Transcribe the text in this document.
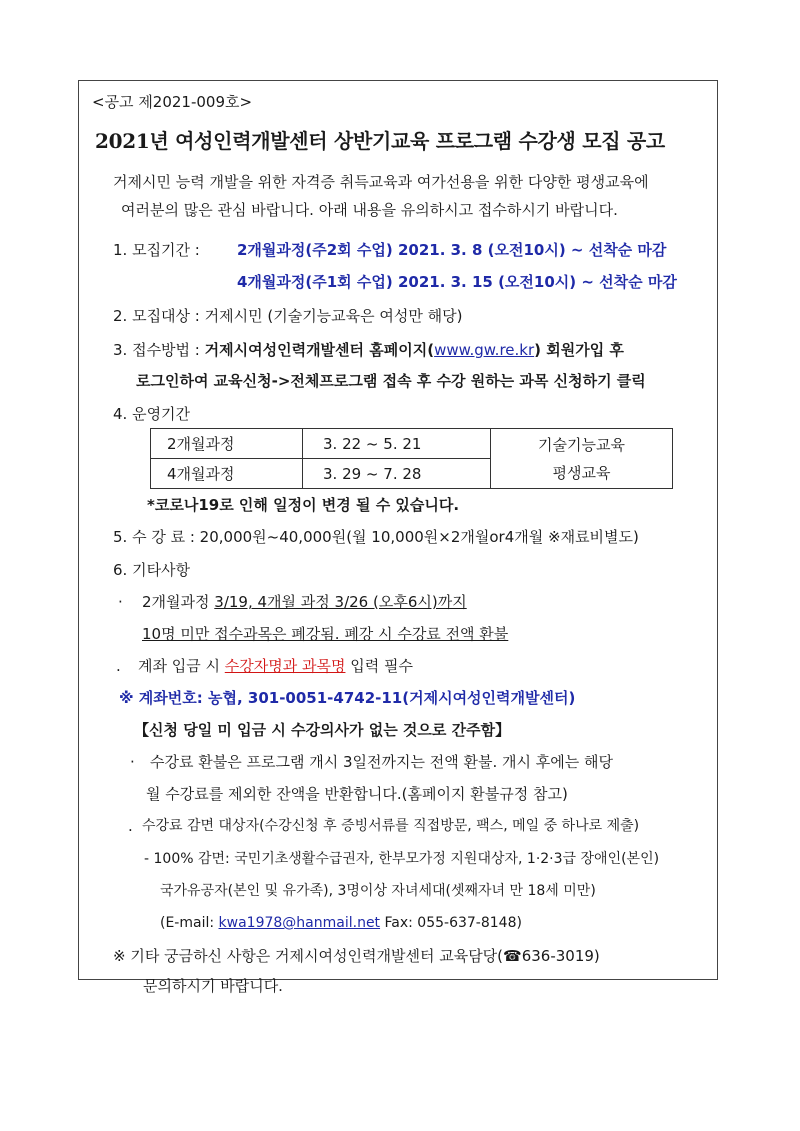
<공고 제2021-009호>
2021년 여성인력개발센터 상반기교육 프로그램 수강생 모집 공고
거제시민 능력 개발을 위한 자격증 취득교육과 여가선용을 위한 다양한 평생교육에
여러분의 많은 관심 바랍니다. 아래 내용을 유의하시고 접수하시기 바랍니다.
1. 모집기간 : 2개월과정(주2회 수업) 2021. 3. 8 (오전10시) ~ 선착순 마감
4개월과정(주1회 수업) 2021. 3. 15 (오전10시) ~ 선착순 마감
2. 모집대상 : 거제시민 (기술기능교육은 여성만 해당)
3. 접수방법 : 거제시여성인력개발센터 홈페이지(www.gw.re.kr) 회원가입 후
로그인하여 교육신청->전체프로그램 접속 후 수강 원하는 과목 신청하기 클릭
4. 운영기간
2개월과정	3. 22 ~ 5. 21	기술기능교육
평생교육
4개월과정	3. 29 ~ 7. 28	
*코로나19로 인해 일정이 변경 될 수 있습니다.
5. 수 강 료 : 20,000원~40,000원(월 10,000원×2개월or4개월 ※재료비별도)
6. 기타사항
· 2개월과정 3/19, 4개월 과정 3/26 (오후6시)까지
10명 미만 접수과목은 폐강됨. 폐강 시 수강료 전액 환불
. 계좌 입금 시 수강자명과 과목명 입력 필수
※ 계좌번호: 농협, 301-0051-4742-11(거제시여성인력개발센터)
【신청 당일 미 입금 시 수강의사가 없는 것으로 간주함】
· 수강료 환불은 프로그램 개시 3일전까지는 전액 환불. 개시 후에는 해당
월 수강료를 제외한 잔액을 반환합니다.(홈페이지 환불규정 참고)
. 수강료 감면 대상자(수강신청 후 증빙서류를 직접방문, 팩스, 메일 중 하나로 제출)
- 100% 감면: 국민기초생활수급권자, 한부모가정 지원대상자, 1·2·3급 장애인(본인)
국가유공자(본인 및 유가족), 3명이상 자녀세대(셋째자녀 만 18세 미만)
(E-mail: kwa1978@hanmail.net Fax: 055-637-8148)
※ 기타 궁금하신 사항은 거제시여성인력개발센터 교육담당(☎636-3019)
문의하시기 바랍니다.
